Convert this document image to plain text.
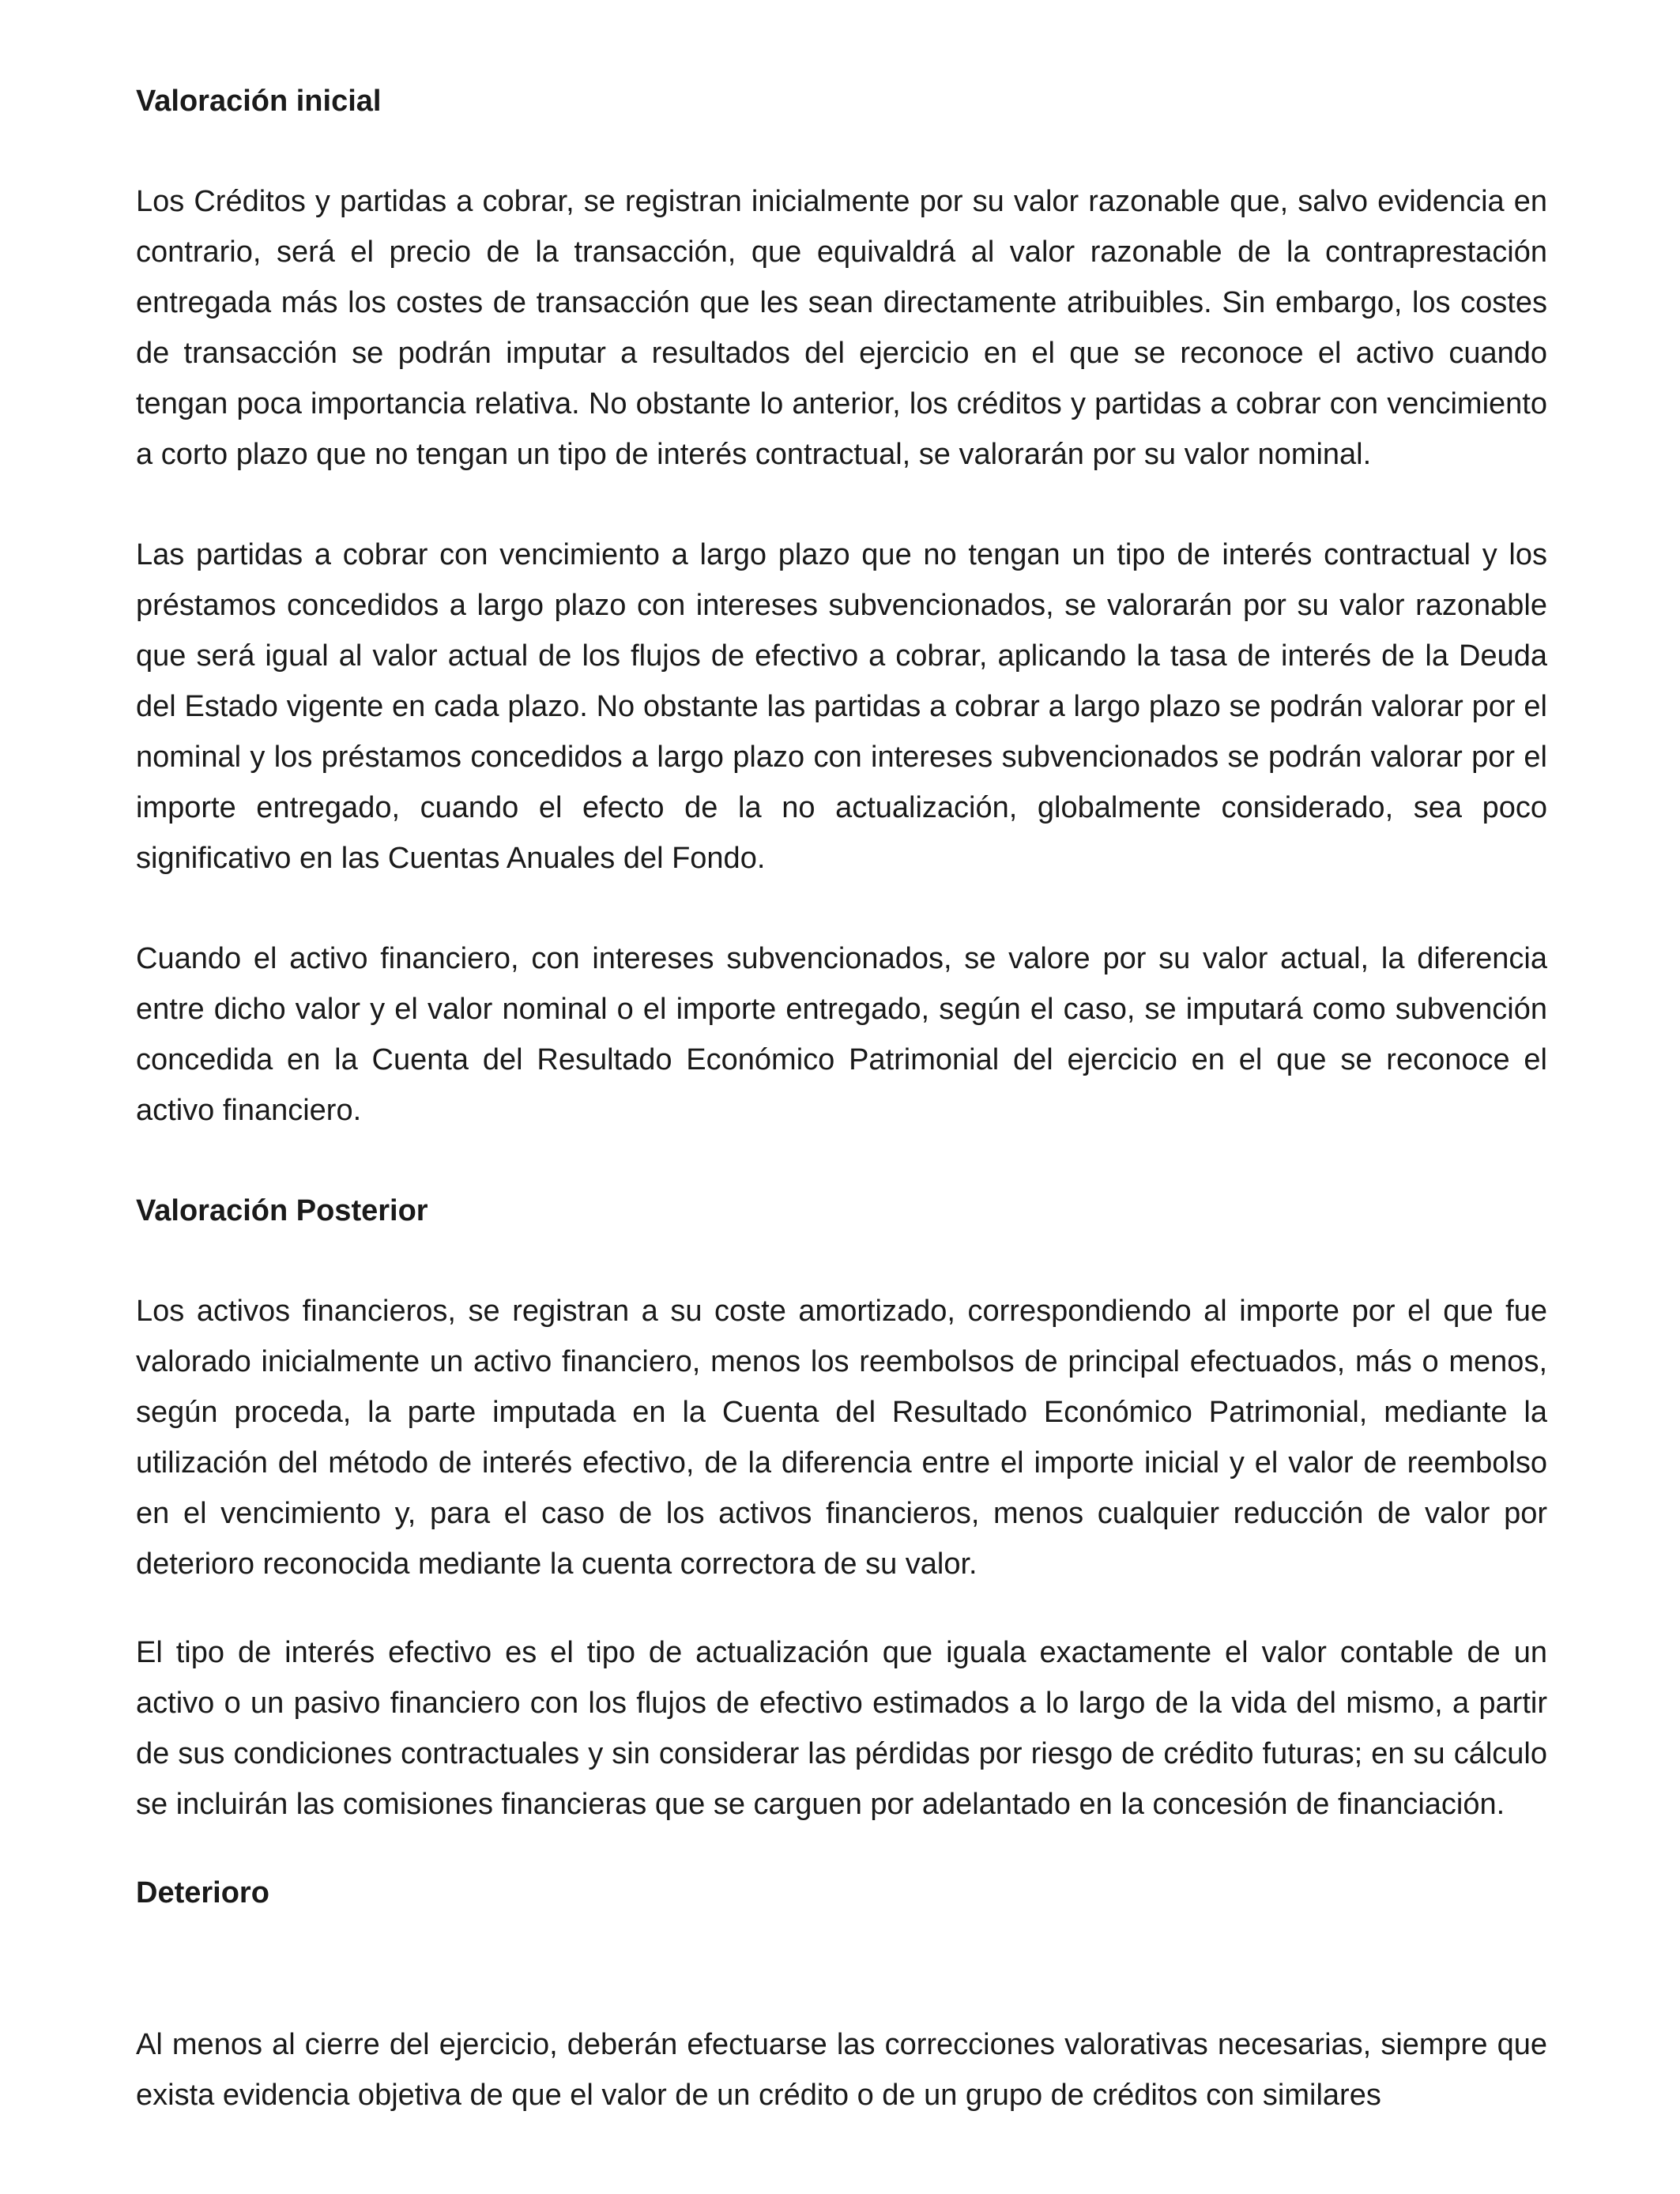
Valoración inicial

Los Créditos y partidas a cobrar, se registran inicialmente por su valor razonable que, salvo evidencia en contrario, será el precio de la transacción, que equivaldrá al valor razonable de la contraprestación entregada más los costes de transacción que les sean directamente atribuibles. Sin embargo, los costes de transacción se podrán imputar a resultados del ejercicio en el que se reconoce el activo cuando tengan poca importancia relativa. No obstante lo anterior, los créditos y partidas a cobrar con vencimiento a corto plazo que no tengan un tipo de interés contractual, se valorarán por su valor nominal.

Las partidas a cobrar con vencimiento a largo plazo que no tengan un tipo de interés contractual y los préstamos concedidos a largo plazo con intereses subvencionados, se valorarán por su valor razonable que será igual al valor actual de los flujos de efectivo a cobrar, aplicando la tasa de interés de la Deuda del Estado vigente en cada plazo. No obstante las partidas a cobrar a largo plazo se podrán valorar por el nominal y los préstamos concedidos a largo plazo con intereses subvencionados se podrán valorar por el importe entregado, cuando el efecto de la no actualización, globalmente considerado, sea poco significativo en las Cuentas Anuales del Fondo.

Cuando el activo financiero, con intereses subvencionados, se valore por su valor actual, la diferencia entre dicho valor y el valor nominal o el importe entregado, según el caso, se imputará como subvención concedida en la Cuenta del Resultado Económico Patrimonial del ejercicio en el que se reconoce el activo financiero.

Valoración Posterior

Los activos financieros, se registran a su coste amortizado, correspondiendo al importe por el que fue valorado inicialmente un activo financiero, menos los reembolsos de principal efectuados, más o menos, según proceda, la parte imputada en la Cuenta del Resultado Económico Patrimonial, mediante la utilización del método de interés efectivo, de la diferencia entre el importe inicial y el valor de reembolso en el vencimiento y, para el caso de los activos financieros, menos cualquier reducción de valor por deterioro reconocida mediante la cuenta correctora de su valor.

El tipo de interés efectivo es el tipo de actualización que iguala exactamente el valor contable de un activo o un pasivo financiero con los flujos de efectivo estimados a lo largo de la vida del mismo, a partir de sus condiciones contractuales y sin considerar las pérdidas por riesgo de crédito futuras; en su cálculo se incluirán las comisiones financieras que se carguen por adelantado en la concesión de financiación.

Deterioro

Al menos al cierre del ejercicio, deberán efectuarse las correcciones valorativas necesarias, siempre que exista evidencia objetiva de que el valor de un crédito o de un grupo de créditos con similares
